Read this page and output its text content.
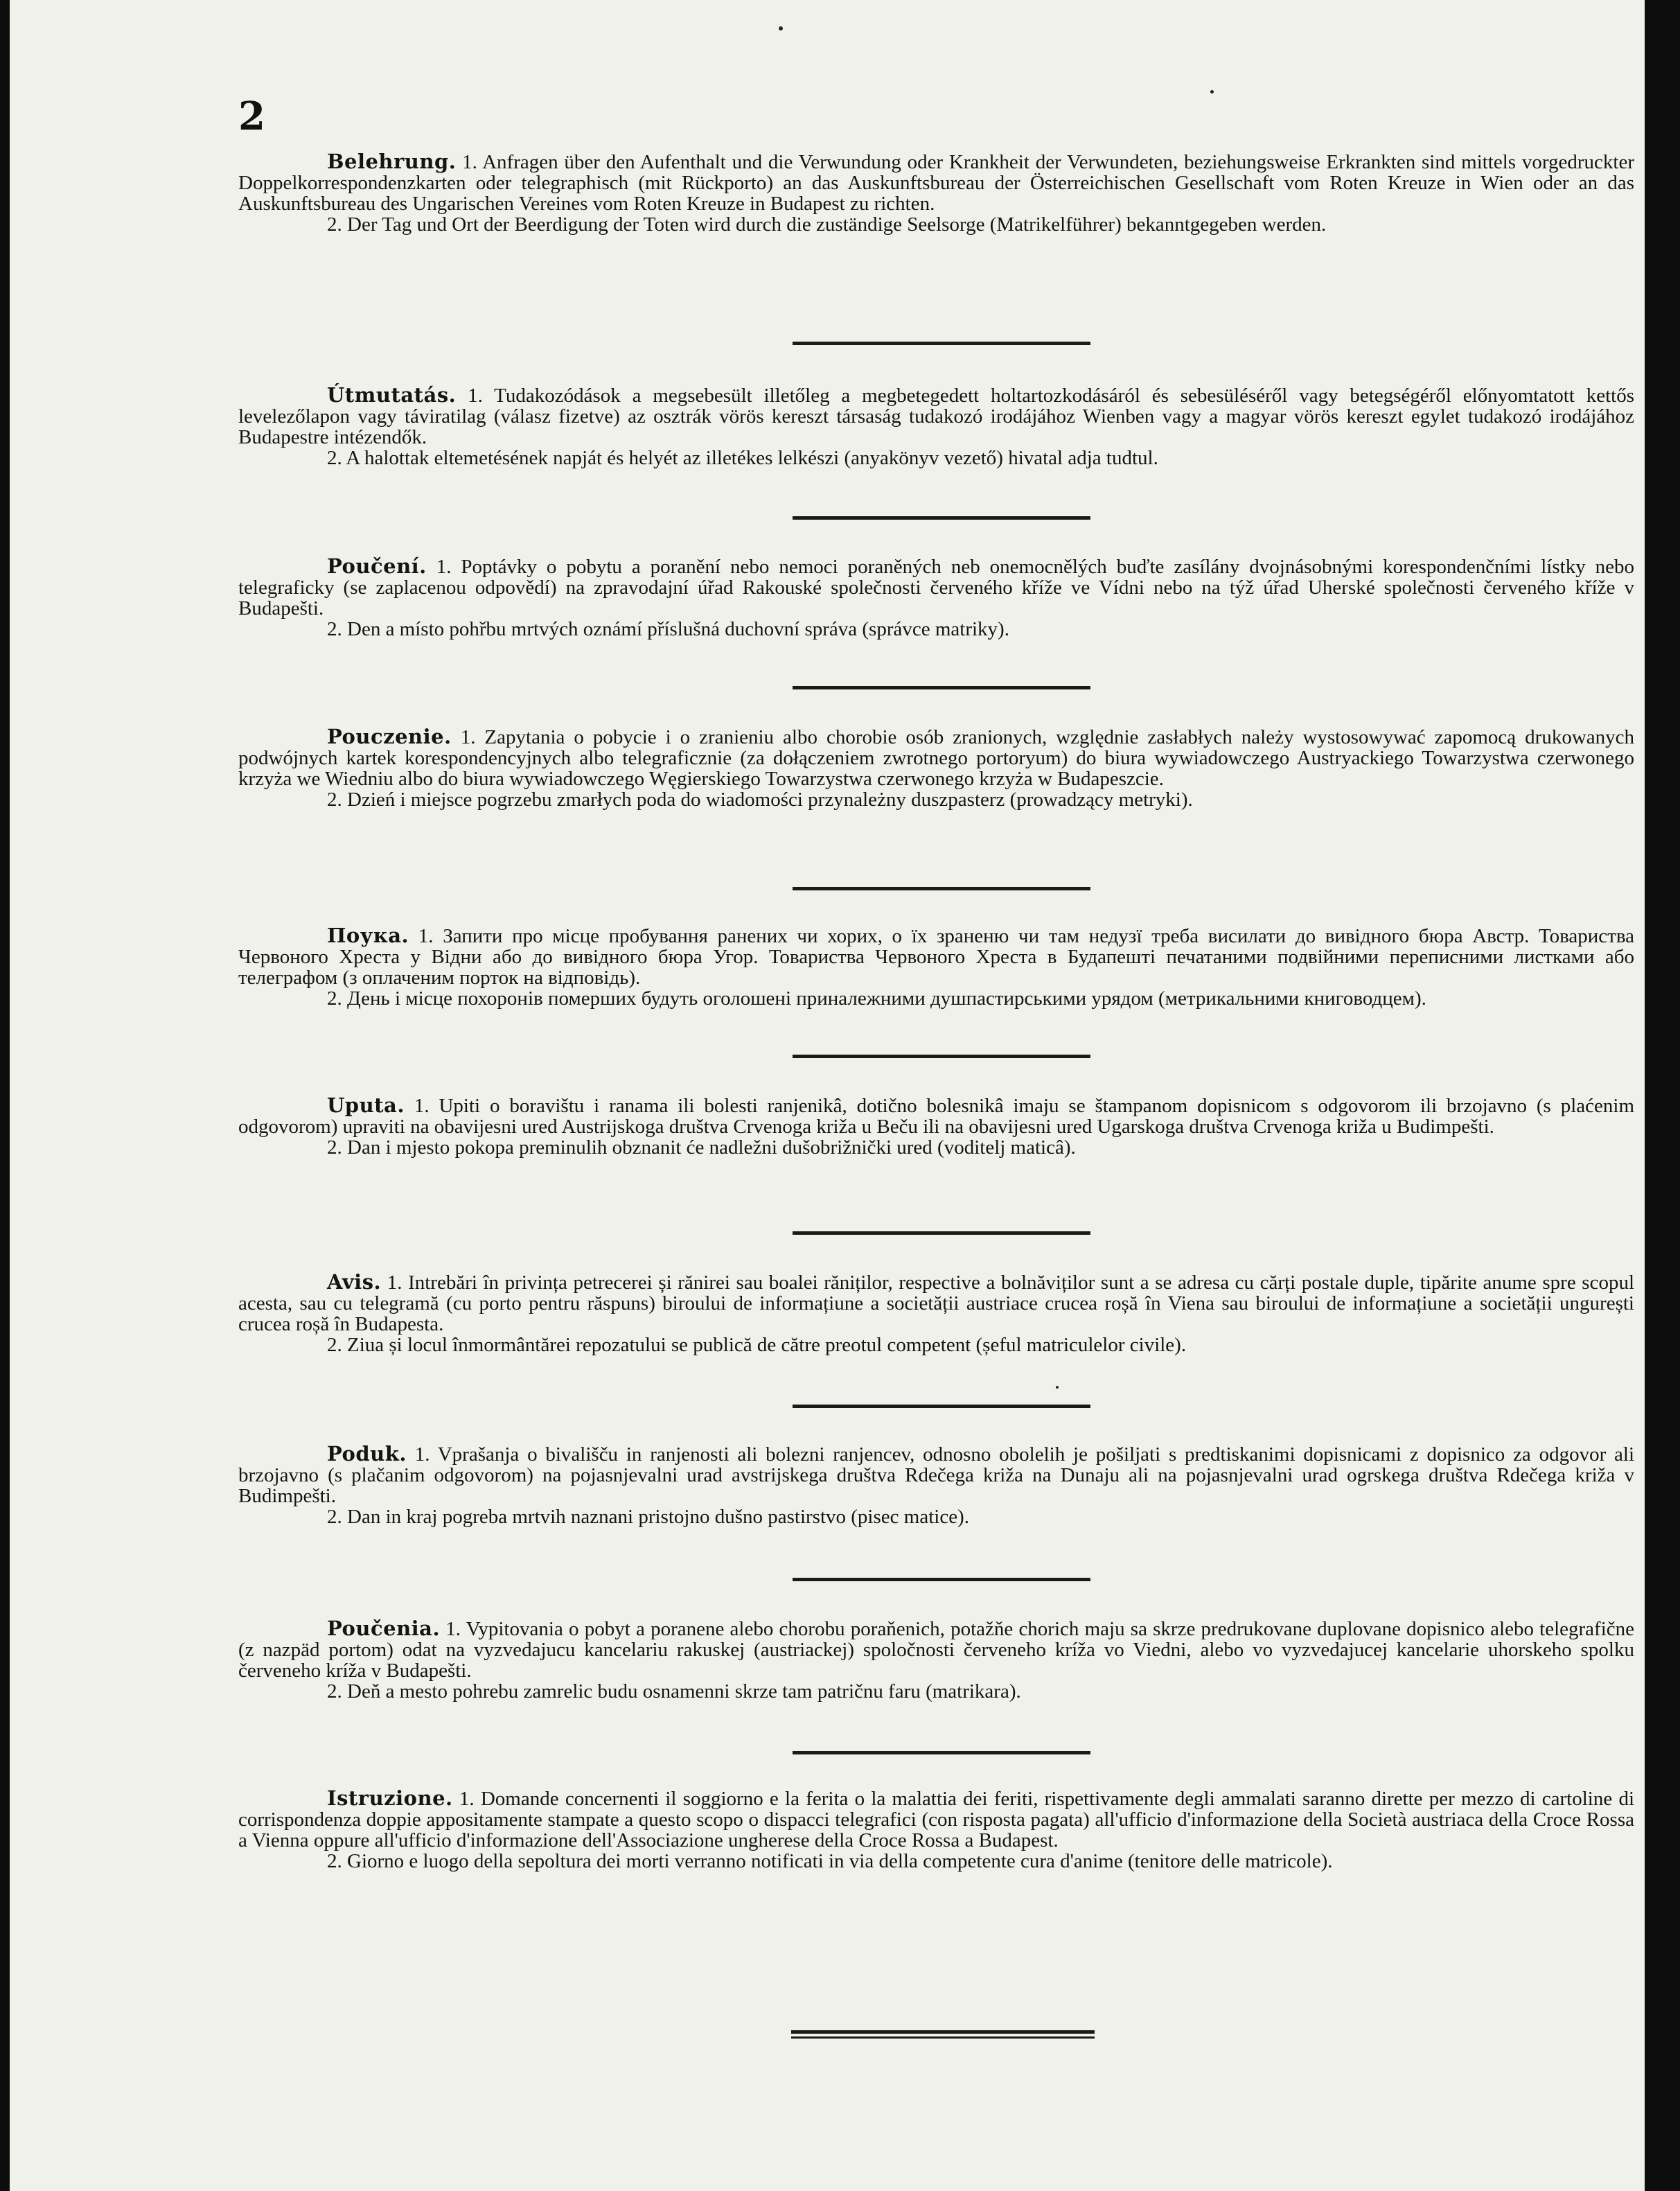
2

Belehrung. 1. Anfragen über den Aufenthalt und die Verwundung oder Krankheit der Verwundeten, beziehungsweise Erkrankten sind mittels vorgedruckter Doppelkorrespondenzkarten oder telegraphisch (mit Rückporto) an das Auskunftsbureau der Österreichischen Gesellschaft vom Roten Kreuze in Wien oder an das Auskunftsbureau des Ungarischen Vereines vom Roten Kreuze in Budapest zu richten.

2. Der Tag und Ort der Beerdigung der Toten wird durch die zuständige Seelsorge (Matrikelführer) bekanntgegeben werden.

Útmutatás. 1. Tudakozódások a megsebesült illetőleg a megbetegedett holtartozkodásáról és sebesüléséről vagy betegségéről előnyomtatott kettős levelezőlapon vagy táviratilag (válasz fizetve) az osztrák vörös kereszt társaság tudakozó irodájához Wienben vagy a magyar vörös kereszt egylet tudakozó irodájához Budapestre intézendők.

2. A halottak eltemetésének napját és helyét az illetékes lelkészi (anyakönyv vezető) hivatal adja tudtul.

Poučení. 1. Poptávky o pobytu a poranění nebo nemoci poraněných neb onemocnělých buďte zasílány dvojnásobnými korespondenčními lístky nebo telegraficky (se zaplacenou odpovědí) na zpravodajní úřad Rakouské společnosti červeného kříže ve Vídni nebo na týž úřad Uherské společnosti červeného kříže v Budapešti.

2. Den a místo pohřbu mrtvých oznámí příslušná duchovní správa (správce matriky).

Pouczenie. 1. Zapytania o pobycie i o zranieniu albo chorobie osób zranionych, względnie zasłabłych należy wystosowywać zapomocą drukowanych podwójnych kartek korespondencyjnych albo telegraficznie (za dołączeniem zwrotnego portoryum) do biura wywiadowczego Austryackiego Towarzystwa czerwonego krzyża we Wiedniu albo do biura wywiadowczego Węgierskiego Towarzystwa czerwonego krzyża w Budapeszcie.

2. Dzień i miejsce pogrzebu zmarłych poda do wiadomości przynależny duszpasterz (prowadzący metryki).

Поука. 1. Запити про місце пробування ранених чи хорих, о їх зраненю чи там недузї треба висилати до вивідного бюра Австр. Товариства Червоного Хреста у Відни або до вивідного бюра Угор. Товариства Червоного Хреста в Будапешті печатаними подвійними переписними листками або телеграфом (з оплаченим порток на відповідь).

2. День і місце похоронів померших будуть оголошені приналежними душпастирськими урядом (метрикальними книговодцем).

Uputa. 1. Upiti o boravištu i ranama ili bolesti ranjenikâ, dotično bolesnikâ imaju se štampanom dopisnicom s odgovorom ili brzojavno (s plaćenim odgovorom) upraviti na obavijesni ured Austrijskoga društva Crvenoga križa u Beču ili na obavijesni ured Ugarskoga društva Crvenoga križa u Budimpešti.

2. Dan i mjesto pokopa preminulih obznanit će nadležni dušobrižnički ured (voditelj maticâ).

Avis. 1. Intrebări în privința petrecerei și rănirei sau boalei răniților, respective a bolnăviților sunt a se adresa cu cărți postale duple, tipărite anume spre scopul acesta, sau cu telegramă (cu porto pentru răspuns) biroului de informațiune a societății austriace crucea roșă în Viena sau biroului de informațiune a societății ungurești crucea roșă în Budapesta.

2. Ziua și locul înmormântărei repozatului se publică de către preotul competent (șeful matriculelor civile).

Poduk. 1. Vprašanja o bivališču in ranjenosti ali bolezni ranjencev, odnosno obolelih je pošiljati s predtiskanimi dopisnicami z dopisnico za odgovor ali brzojavno (s plačanim odgovorom) na pojasnjevalni urad avstrijskega društva Rdečega križa na Dunaju ali na pojasnjevalni urad ogrskega društva Rdečega križa v Budimpešti.

2. Dan in kraj pogreba mrtvih naznani pristojno dušno pastirstvo (pisec matice).

Poučenia. 1. Vypitovania o pobyt a poranene alebo chorobu poraňenich, potažňe chorich maju sa skrze predrukovane duplovane dopisnico alebo telegrafične (z nazpäd portom) odat na vyzvedajucu kancelariu rakuskej (austriackej) spoločnosti červeneho kríža vo Viedni, alebo vo vyzvedajucej kancelarie uhorskeho spolku červeneho kríža v Budapešti.

2. Deň a mesto pohrebu zamrelic budu osnamenni skrze tam patričnu faru (matrikara).

Istruzione. 1. Domande concernenti il soggiorno e la ferita o la malattia dei feriti, rispettivamente degli ammalati saranno dirette per mezzo di cartoline di corrispondenza doppie appositamente stampate a questo scopo o dispacci telegrafici (con risposta pagata) all'ufficio d'informazione della Società austriaca della Croce Rossa a Vienna oppure all'ufficio d'informazione dell'Associazione ungherese della Croce Rossa a Budapest.

2. Giorno e luogo della sepoltura dei morti verranno notificati in via della competente cura d'anime (tenitore delle matricole).
